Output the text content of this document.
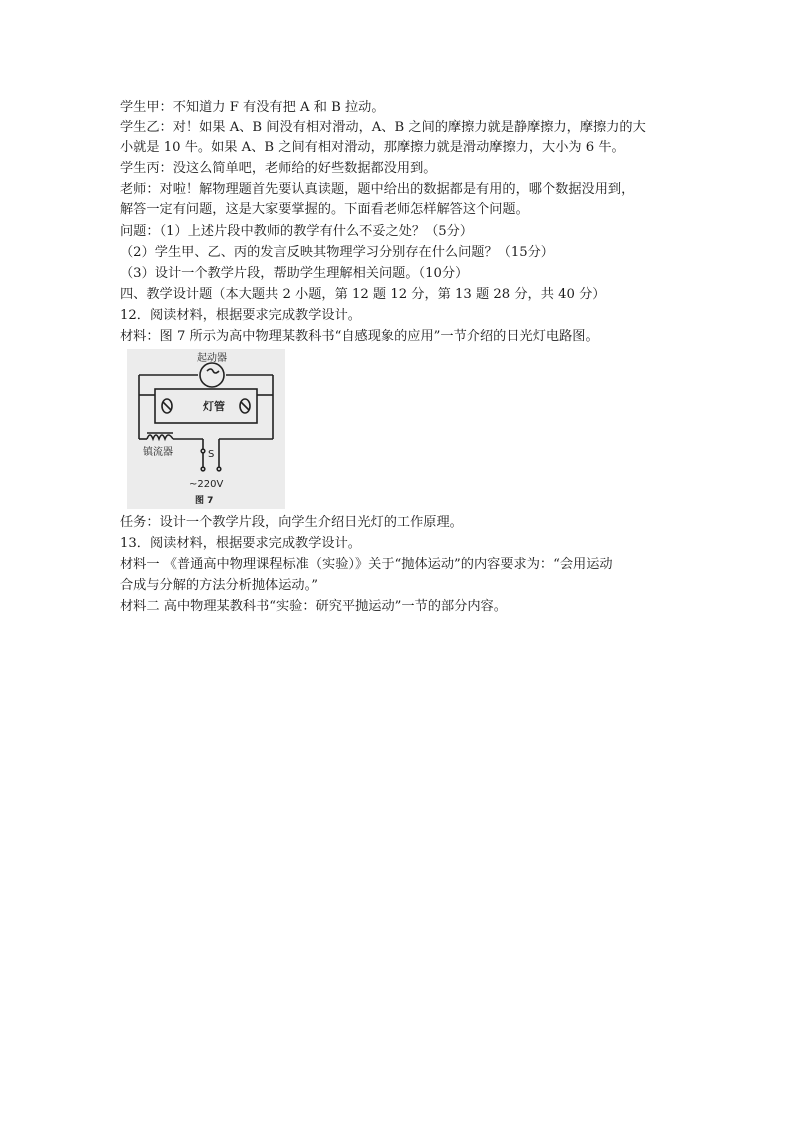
学生甲：不知道力 F 有没有把 A 和 B 拉动。
学生乙：对！如果 A、B 间没有相对滑动，A、B 之间的摩擦力就是静摩擦力，摩擦力的大
小就是 10 牛。如果 A、B 之间有相对滑动，那摩擦力就是滑动摩擦力，大小为 6 牛。
学生丙：没这么简单吧，老师给的好些数据都没用到。
老师：对啦！解物理题首先要认真读题，题中给出的数据都是有用的，哪个数据没用到，
解答一定有问题，这是大家要掌握的。下面看老师怎样解答这个问题。
问题：（1）上述片段中教师的教学有什么不妥之处？（5分）
（2）学生甲、乙、丙的发言反映其物理学习分别存在什么问题？（15分）
（3）设计一个教学片段，帮助学生理解相关问题。（10分）
四、教学设计题（本大题共 2 小题，第 12 题 12 分，第 13 题 28 分，共 40 分）
12．阅读材料，根据要求完成教学设计。
材料：图 7 所示为高中物理某教科书“自感现象的应用”一节介绍的日光灯电路图。
起动器
灯管
镇流器	S
~220V
图 7
任务：设计一个教学片段，向学生介绍日光灯的工作原理。
13．阅读材料，根据要求完成教学设计。
材料一 《普通高中物理课程标准（实验）》关于“抛体运动”的内容要求为：“会用运动
合成与分解的方法分析抛体运动。”
材料二 高中物理某教科书“实验：研究平抛运动”一节的部分内容。
